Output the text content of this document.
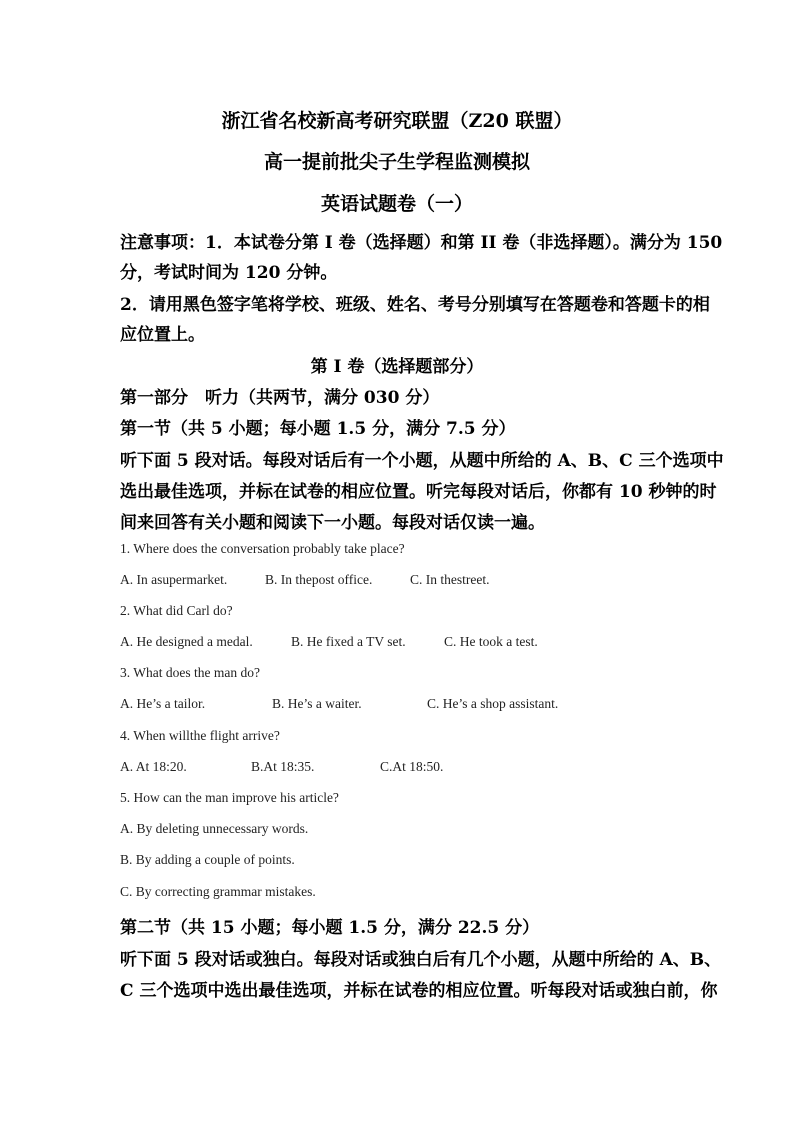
浙江省名校新高考研究联盟（Z20 联盟）
高一提前批尖子生学程监测模拟
英语试题卷（一）
注意事项：1．本试卷分第 I 卷（选择题）和第 II 卷（非选择题）。满分为 150
分，考试时间为 120 分钟。
2．请用黑色签字笔将学校、班级、姓名、考号分别填写在答题卷和答题卡的相
应位置上。
第 I 卷（选择题部分）
第一部分　听力（共两节，满分 030 分）
第一节（共 5 小题；每小题 1.5 分，满分 7.5 分）
听下面 5 段对话。每段对话后有一个小题，从题中所给的 A、B、C 三个选项中
选出最佳选项，并标在试卷的相应位置。听完每段对话后，你都有 10 秒钟的时
间来回答有关小题和阅读下一小题。每段对话仅读一遍。
1. Where does the conversation probably take place?
A. In asupermarket.	B. In thepost office.	C. In thestreet.
2. What did Carl do?
A. He designed a medal.	B. He fixed a TV set.	C. He took a test.
3. What does the man do?
A. He’s a tailor.	B. He’s a waiter.	C. He’s a shop assistant.
4. When willthe flight arrive?
A. At 18:20.	B.At 18:35.	C.At 18:50.
5. How can the man improve his article?
A. By deleting unnecessary words.
B. By adding a couple of points.
C. By correcting grammar mistakes.
第二节（共 15 小题；每小题 1.5 分，满分 22.5 分）
听下面 5 段对话或独白。每段对话或独白后有几个小题，从题中所给的 A、B、
C 三个选项中选出最佳选项，并标在试卷的相应位置。听每段对话或独白前，你
